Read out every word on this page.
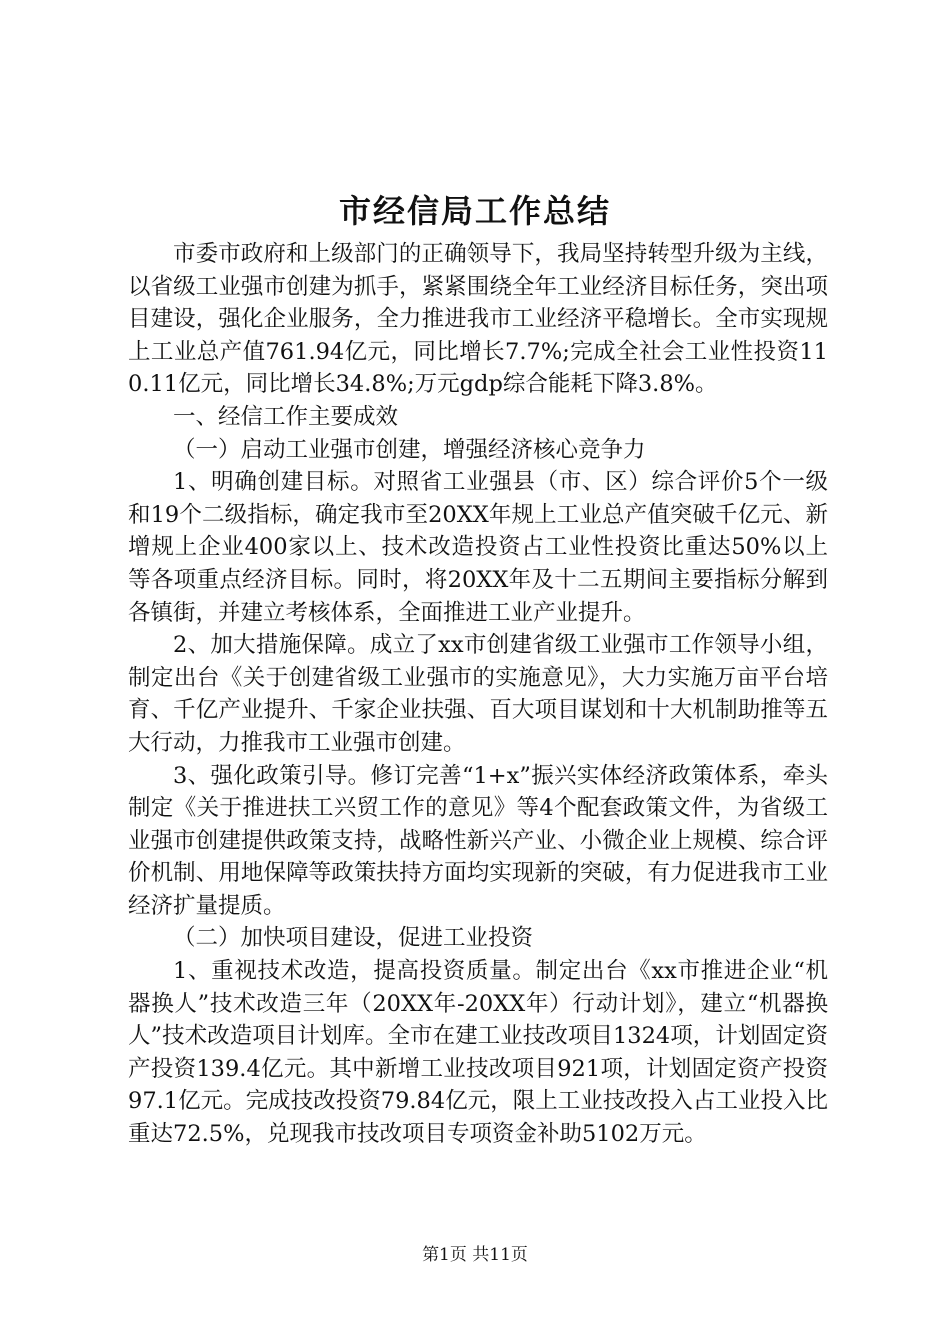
市经信局工作总结

市委市政府和上级部门的正确领导下，我局坚持转型升级为主线，以省级工业强市创建为抓手，紧紧围绕全年工业经济目标任务，突出项目建设，强化企业服务，全力推进我市工业经济平稳增长。全市实现规上工业总产值761.94亿元，同比增长7.7%;完成全社会工业性投资110.11亿元，同比增长34.8%;万元gdp综合能耗下降3.8%。

一、经信工作主要成效

（一）启动工业强市创建，增强经济核心竞争力

1、明确创建目标。对照省工业强县（市、区）综合评价5个一级和19个二级指标，确定我市至20XX年规上工业总产值突破千亿元、新增规上企业400家以上、技术改造投资占工业性投资比重达50%以上等各项重点经济目标。同时，将20XX年及十二五期间主要指标分解到各镇街，并建立考核体系，全面推进工业产业提升。

2、加大措施保障。成立了xx市创建省级工业强市工作领导小组，制定出台《关于创建省级工业强市的实施意见》，大力实施万亩平台培育、千亿产业提升、千家企业扶强、百大项目谋划和十大机制助推等五大行动，力推我市工业强市创建。

3、强化政策引导。修订完善“1+x”振兴实体经济政策体系，牵头制定《关于推进扶工兴贸工作的意见》等4个配套政策文件，为省级工业强市创建提供政策支持，战略性新兴产业、小微企业上规模、综合评价机制、用地保障等政策扶持方面均实现新的突破，有力促进我市工业经济扩量提质。

（二）加快项目建设，促进工业投资

1、重视技术改造，提高投资质量。制定出台《xx市推进企业“机器换人”技术改造三年（20XX年-20XX年）行动计划》，建立“机器换人”技术改造项目计划库。全市在建工业技改项目1324项，计划固定资产投资139.4亿元。其中新增工业技改项目921项，计划固定资产投资97.1亿元。完成技改投资79.84亿元，限上工业技改投入占工业投入比重达72.5%，兑现我市技改项目专项资金补助5102万元。

第1页 共11页
